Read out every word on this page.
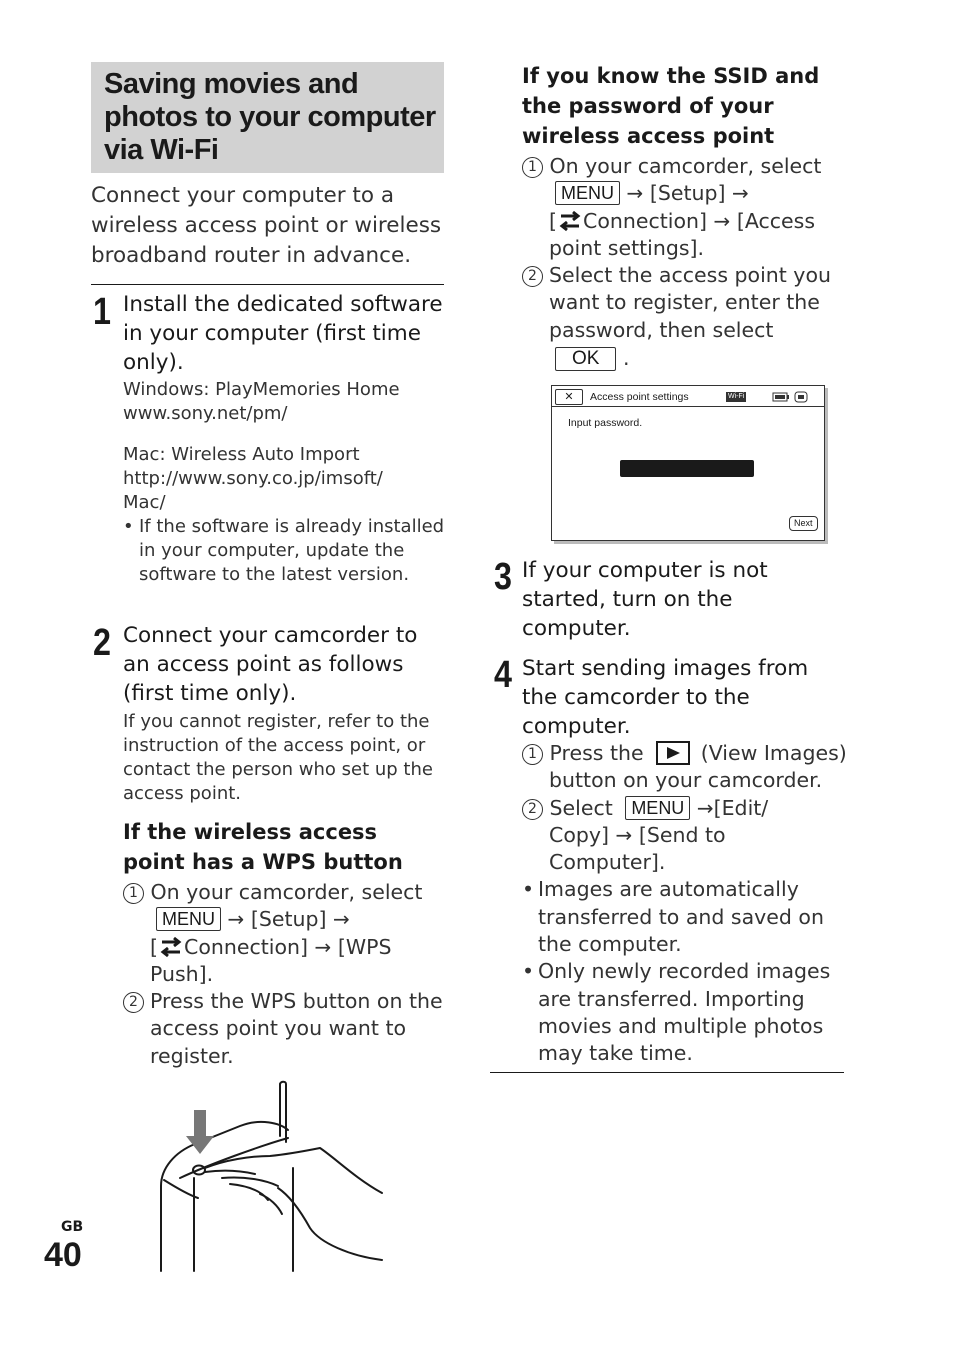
Saving movies and
photos to your computer
via Wi-Fi
Connect your computer to a wireless access point or wireless broadband router in advance.
1 Install the dedicated software in your computer (first time only).
Windows: PlayMemories Home
www.sony.net/pm/
Mac: Wireless Auto Import
http://www.sony.co.jp/imsoft/
Mac/
• If the software is already installed in your computer, update the software to the latest version.
2 Connect your camcorder to an access point as follows (first time only).
If you cannot register, refer to the instruction of the access point, or contact the person who set up the access point.
If the wireless access point has a WPS button
1 On your camcorder, select
MENU → [Setup] →
[ Connection] → [WPS Push].
2 Press the WPS button on the access point you want to register.
If you know the SSID and the password of your wireless access point
1 On your camcorder, select
MENU → [Setup] →
[ Connection] → [Access point settings].
2 Select the access point you want to register, enter the password, then select
OK .
✕	Access point settings	Wi-Fi
Input password.
Next
3 If your computer is not started, turn on the computer.
4 Start sending images from the camcorder to the computer.
1 Press the	(View Images)
button on your camcorder.
2 Select MENU →[Edit/
Copy] → [Send to
Computer].
• Images are automatically transferred to and saved on the computer.
• Only newly recorded images are transferred. Importing movies and multiple photos may take time.
GB
40
